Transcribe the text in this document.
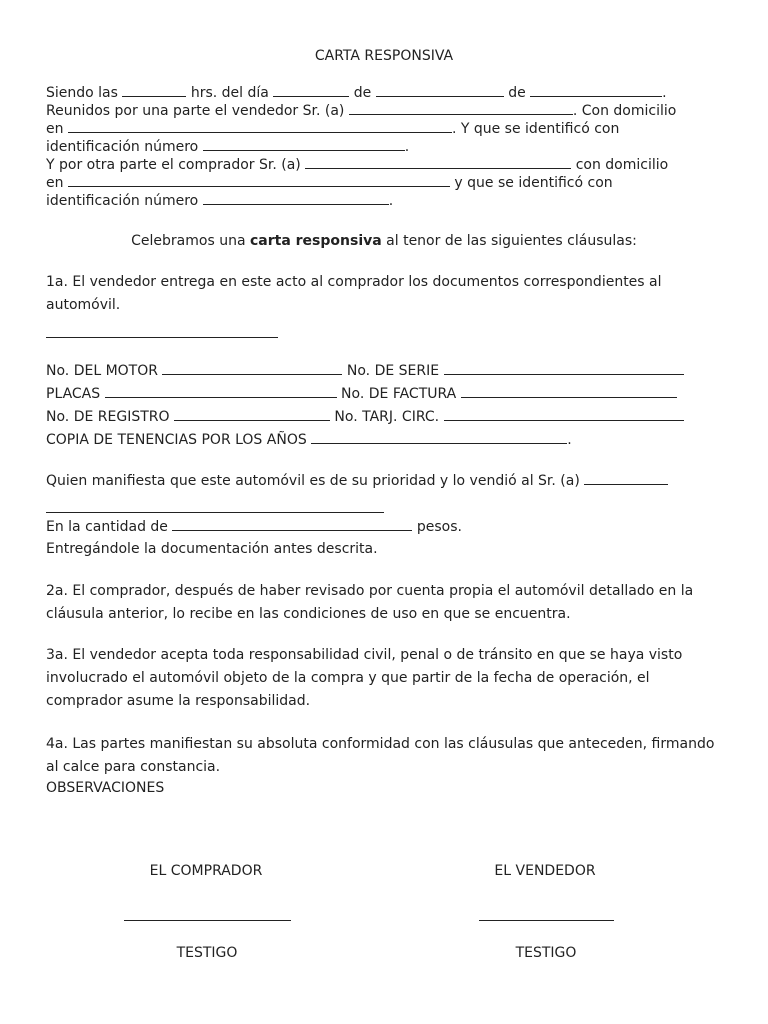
CARTA RESPONSIVA
Siendo las	hrs. del día	de	de	.
Reunidos por una parte el vendedor Sr. (a)	. Con domicilio
en	. Y que se identificó con
identificación número	.
Y por otra parte el comprador Sr. (a)	con domicilio
en	y que se identificó con
identificación número	.
Celebramos una carta responsiva al tenor de las siguientes cláusulas:
1a. El vendedor entrega en este acto al comprador los documentos correspondientes al automóvil.
No. DEL MOTOR	No. DE SERIE
PLACAS	No. DE FACTURA
No. DE REGISTRO	No. TARJ. CIRC.
COPIA DE TENENCIAS POR LOS AÑOS	.
Quien manifiesta que este automóvil es de su prioridad y lo vendió al Sr. (a)
En la cantidad de	pesos.
Entregándole la documentación antes descrita.
2a. El comprador, después de haber revisado por cuenta propia el automóvil detallado en la cláusula anterior, lo recibe en las condiciones de uso en que se encuentra.
3a. El vendedor acepta toda responsabilidad civil, penal o de tránsito en que se haya visto involucrado el automóvil objeto de la compra y que partir de la fecha de operación, el comprador asume la responsabilidad.
4a. Las partes manifiestan su absoluta conformidad con las cláusulas que anteceden, firmando al calce para constancia.
OBSERVACIONES
EL COMPRADOR	EL VENDEDOR
TESTIGO	TESTIGO
